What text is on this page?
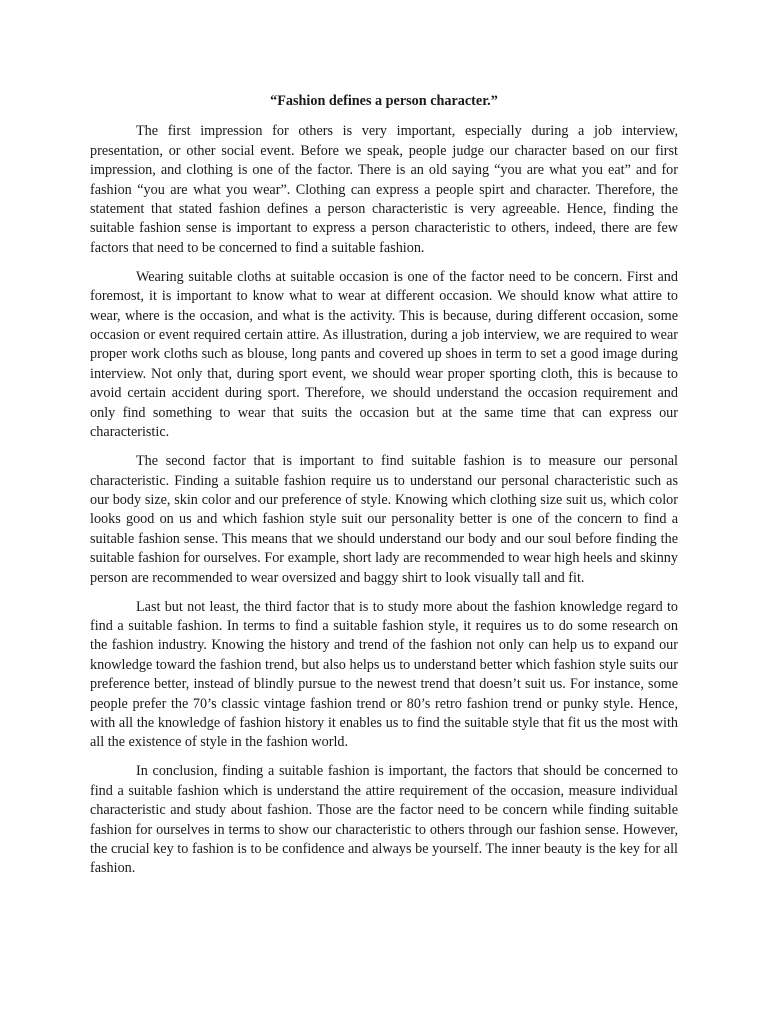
“Fashion defines a person character.”

The first impression for others is very important, especially during a job interview, presentation, or other social event. Before we speak, people judge our character based on our first impression, and clothing is one of the factor. There is an old saying “you are what you eat” and for fashion “you are what you wear”. Clothing can express a people spirt and character. Therefore, the statement that stated fashion defines a person characteristic is very agreeable. Hence, finding the suitable fashion sense is important to express a person characteristic to others, indeed, there are few factors that need to be concerned to find a suitable fashion.

Wearing suitable cloths at suitable occasion is one of the factor need to be concern. First and foremost, it is important to know what to wear at different occasion. We should know what attire to wear, where is the occasion, and what is the activity. This is because, during different occasion, some occasion or event required certain attire. As illustration, during a job interview, we are required to wear proper work cloths such as blouse, long pants and covered up shoes in term to set a good image during interview. Not only that, during sport event, we should wear proper sporting cloth, this is because to avoid certain accident during sport. Therefore, we should understand the occasion requirement and only find something to wear that suits the occasion but at the same time that can express our characteristic.

The second factor that is important to find suitable fashion is to measure our personal characteristic. Finding a suitable fashion require us to understand our personal characteristic such as our body size, skin color and our preference of style. Knowing which clothing size suit us, which color looks good on us and which fashion style suit our personality better is one of the concern to find a suitable fashion sense. This means that we should understand our body and our soul before finding the suitable fashion for ourselves. For example, short lady are recommended to wear high heels and skinny person are recommended to wear oversized and baggy shirt to look visually tall and fit.

Last but not least, the third factor that is to study more about the fashion knowledge regard to find a suitable fashion. In terms to find a suitable fashion style, it requires us to do some research on the fashion industry. Knowing the history and trend of the fashion not only can help us to expand our knowledge toward the fashion trend, but also helps us to understand better which fashion style suits our preference better, instead of blindly pursue to the newest trend that doesn’t suit us. For instance, some people prefer the 70’s classic vintage fashion trend or 80’s retro fashion trend or punky style. Hence, with all the knowledge of fashion history it enables us to find the suitable style that fit us the most with all the existence of style in the fashion world.

In conclusion, finding a suitable fashion is important, the factors that should be concerned to find a suitable fashion which is understand the attire requirement of the occasion, measure individual characteristic and study about fashion. Those are the factor need to be concern while finding suitable fashion for ourselves in terms to show our characteristic to others through our fashion sense. However, the crucial key to fashion is to be confidence and always be yourself. The inner beauty is the key for all fashion.
